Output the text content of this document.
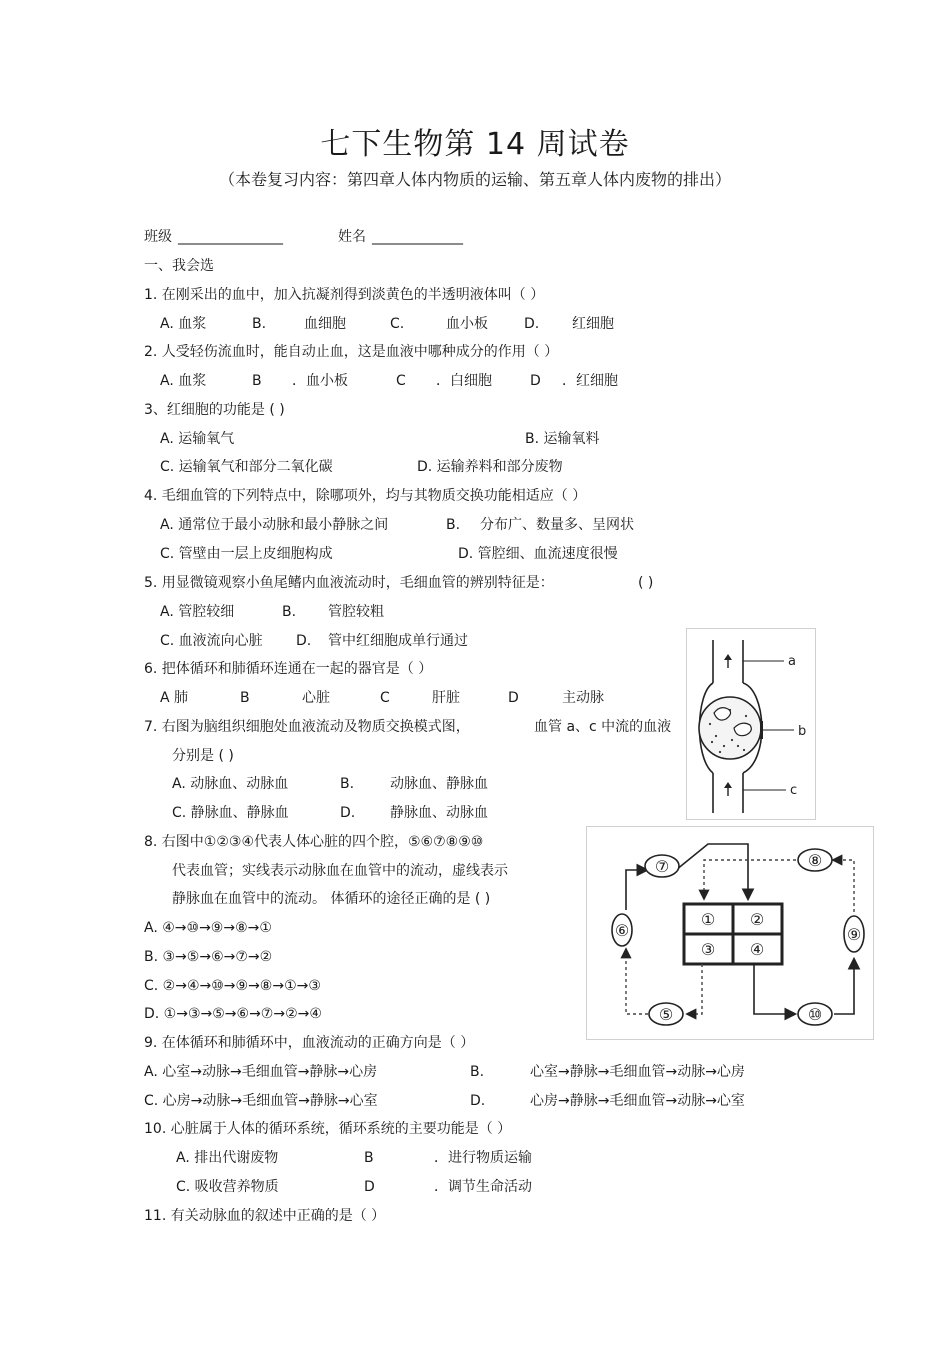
七下生物第 14 周试卷
（本卷复习内容：第四章人体内物质的运输、第五章人体内废物的排出）
班级 _______________	姓名 _____________
一、我会选
1. 在刚采出的血中，加入抗凝剂得到淡黄色的半透明液体叫（ ）
A. 血浆	B.	血细胞	C.	血小板	D. 红细胞
2. 人受轻伤流血时，能自动止血，这是血液中哪种成分的作用（ ）
A. 血浆	B ．血小板	C ．白细胞	D ．红细胞
3、红细胞的功能是 ( )
A. 运输氧气	B. 运输氧料
C. 运输氧气和部分二氧化碳	D. 运输养料和部分废物
4. 毛细血管的下列特点中，除哪项外，均与其物质交换功能相适应（ ）
A. 通常位于最小动脉和最小静脉之间	B. 分布广、数量多、呈网状
C. 管壁由一层上皮细胞构成	D. 管腔细、血流速度很慢
5. 用显微镜观察小鱼尾鳍内血液流动时，毛细血管的辨别特征是：	( )
A. 管腔较细	B. 管腔较粗
C. 血液流向心脏 D. 管中红细胞成单行通过
6. 把体循环和肺循环连通在一起的器官是（ ）
A 肺	B	心脏	C	肝脏	D	主动脉
7. 右图为脑组织细胞处血液流动及物质交换模式图，	血管 a、c 中流的血液
分别是 ( )
A. 动脉血、动脉血	B.	动脉血、静脉血
C. 静脉血、静脉血	D. 静脉血、动脉血
8. 右图中①②③④代表人体心脏的四个腔，⑤⑥⑦⑧⑨⑩
代表血管；实线表示动脉血在血管中的流动，虚线表示
静脉血在血管中的流动。 体循环的途径正确的是 ( )
A. ④→⑩→⑨→⑧→①
B. ③→⑤→⑥→⑦→②
C. ②→④→⑩→⑨→⑧→①→③
D. ①→③→⑤→⑥→⑦→②→④
9. 在体循环和肺循环中，血液流动的正确方向是（ ）
A. 心室→动脉→毛细血管→静脉→心房	B.	心室→静脉→毛细血管→动脉→心房
C. 心房→动脉→毛细血管→静脉→心室	D.	心房→静脉→毛细血管→动脉→心室
10. 心脏属于人体的循环系统，循环系统的主要功能是（ ）
A. 排出代谢废物	B	．进行物质运输
C. 吸收营养物质	D	．调节生命活动
11. 有关动脉血的叙述中正确的是（ ）
a
b
c
① ②
③ ④
⑤
⑥
⑦	⑧
⑨
⑩
